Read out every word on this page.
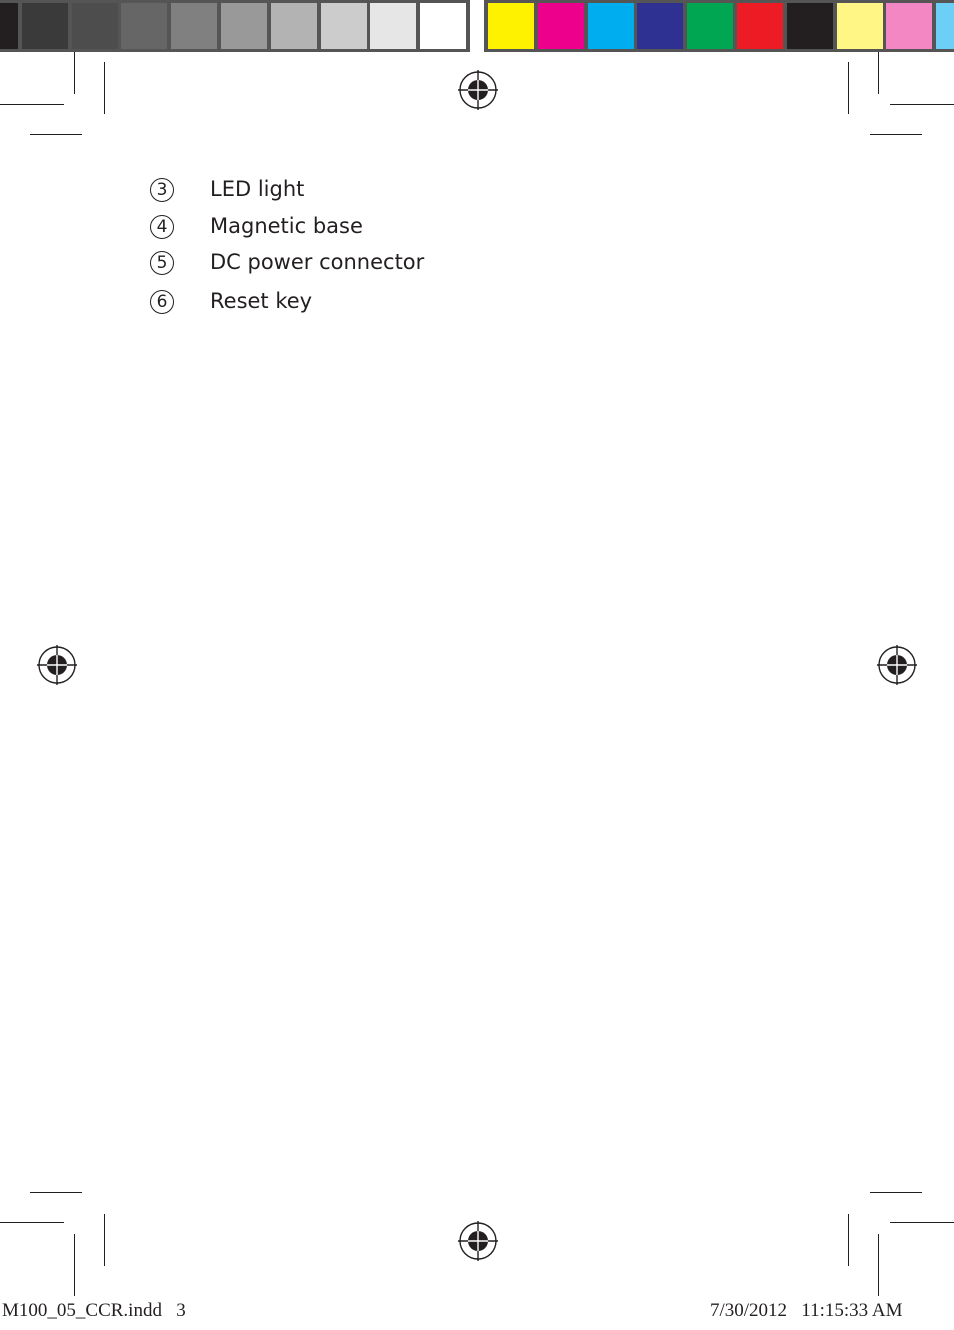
3	LED light
4	Magnetic base
5	DC power connector
6	Reset key
M100_05_CCR.indd   3	7/30/2012   11:15:33 AM
